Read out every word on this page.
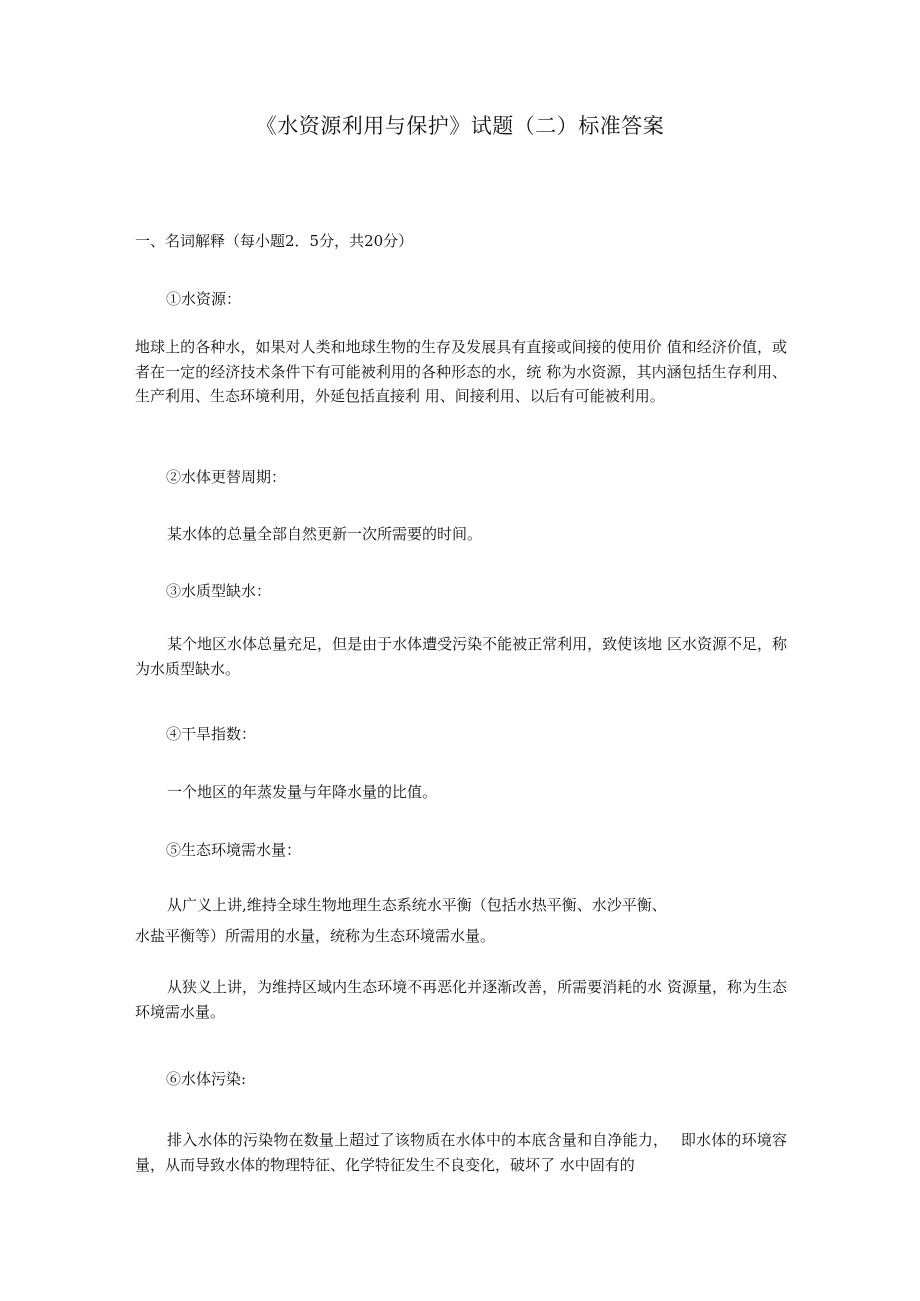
《水资源利用与保护》试题（二）标准答案
一、名词解释（每小题2．5分，共20分）
①水资源：
地球上的各种水，如果对人类和地球生物的生存及发展具有直接或间接的使用价 值和经济价值，或者在一定的经济技术条件下有可能被利用的各种形态的水，统 称为水资源，其内涵包括生存利用、生产利用、生态环境利用，外延包括直接利 用、间接利用、以后有可能被利用。
②水体更替周期：
某水体的总量全部自然更新一次所需要的时间。
③水质型缺水：
某个地区水体总量充足，但是由于水体遭受污染不能被正常利用，致使该地 区水资源不足，称为水质型缺水。
④干旱指数：
一个地区的年蒸发量与年降水量的比值。
⑤生态环境需水量：
从广义上讲,维持全球生物地理生态系统水平衡（包括水热平衡、水沙平衡、
水盐平衡等）所需用的水量，统称为生态环境需水量。
从狭义上讲，为维持区域内生态环境不再恶化并逐渐改善，所需要消耗的水 资源量，称为生态环境需水量。
⑥水体污染:
排入水体的污染物在数量上超过了该物质在水体中的本底含量和自净能力，　 即水体的环境容量，从而导致水体的物理特征、化学特征发生不良变化，破坏了 水中固有的
